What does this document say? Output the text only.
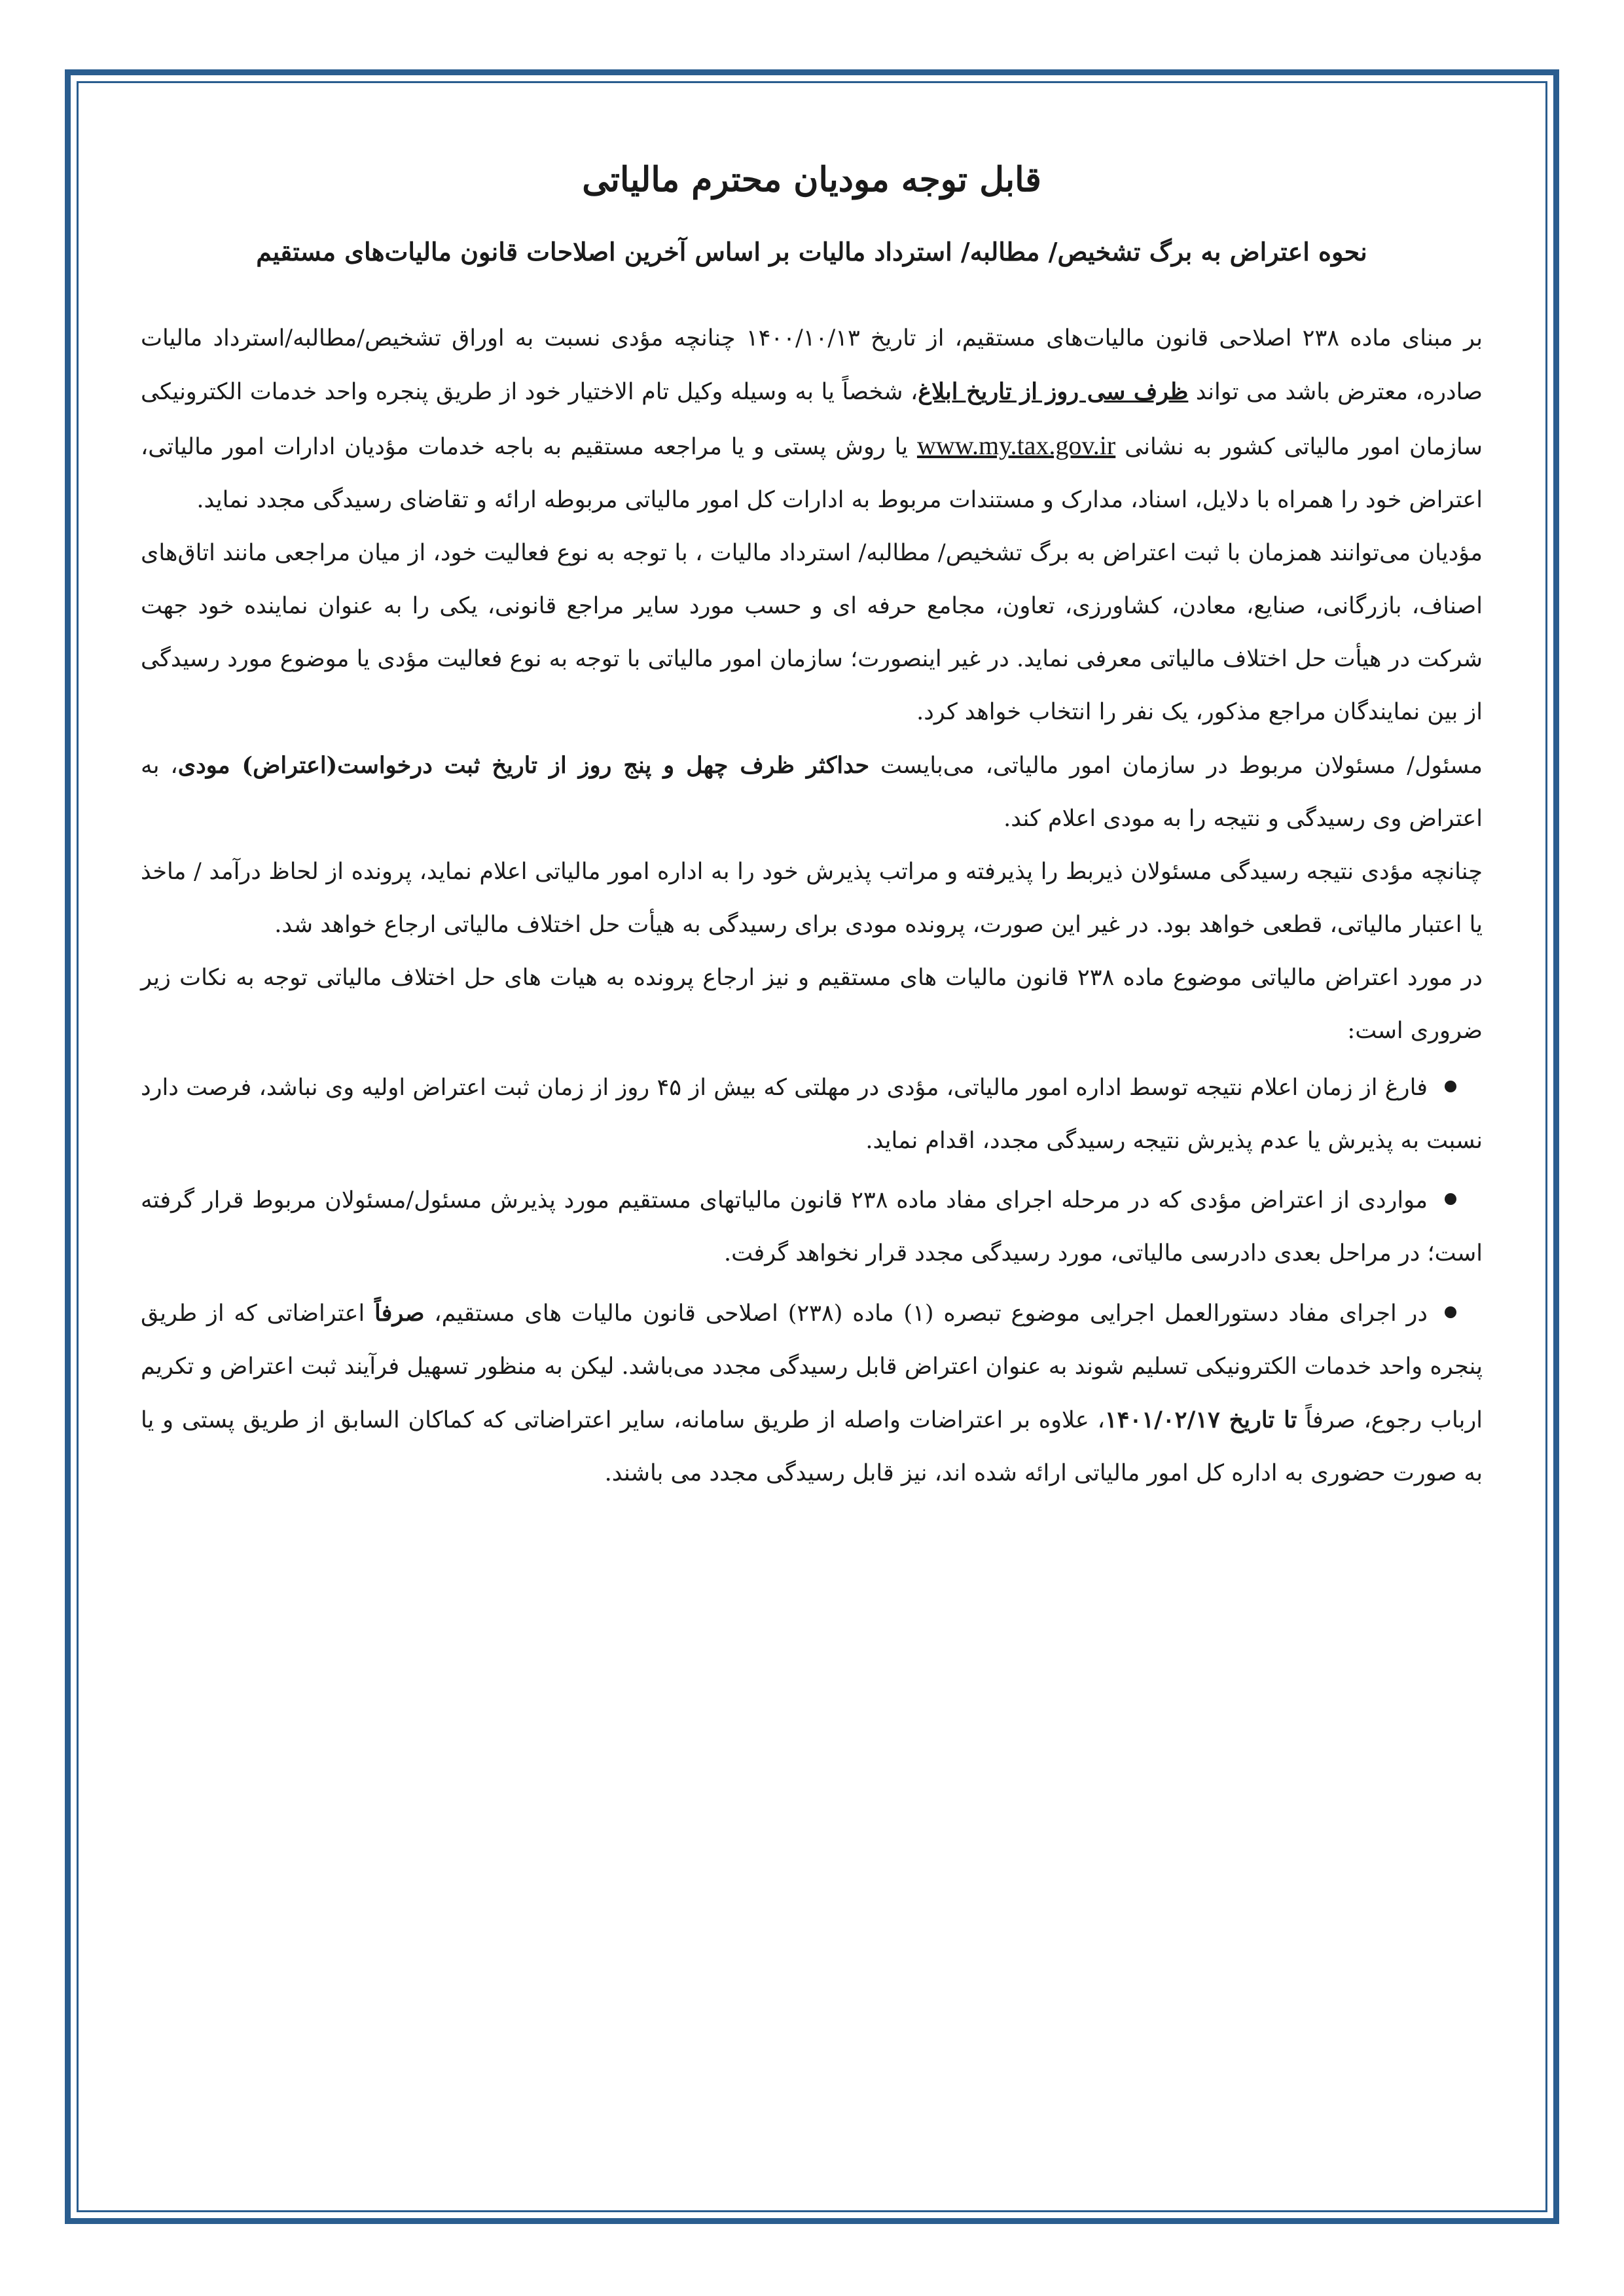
قابل توجه مودیان محترم مالیاتی
نحوه اعتراض به برگ تشخیص/ مطالبه/ استرداد مالیات بر اساس آخرین اصلاحات قانون مالیات‌های مستقیم

بر مبنای ماده ۲۳۸ اصلاحی قانون مالیات‌های مستقیم، از تاریخ ۱۴۰۰/۱۰/۱۳ چنانچه مؤدی نسبت به اوراق تشخیص/مطالبه/استرداد مالیات صادره، معترض باشد می تواند ظرف سی روز از تاریخ ابلاغ، شخصاً یا به وسیله وکیل تام الاختیار خود از طریق پنجره واحد خدمات الکترونیکی سازمان امور مالیاتی کشور به نشانی www.my.tax.gov.ir یا روش پستی و یا مراجعه مستقیم به باجه خدمات مؤدیان ادارات امور مالیاتی، اعتراض خود را همراه با دلایل، اسناد، مدارک و مستندات مربوط به ادارات کل امور مالیاتی مربوطه ارائه و تقاضای رسیدگی مجدد نماید.

مؤدیان می‌توانند همزمان با ثبت اعتراض به برگ تشخیص/ مطالبه/ استرداد مالیات ، با توجه به نوع فعالیت خود، از میان مراجعی مانند اتاق‌های اصناف، بازرگانی، صنایع، معادن، کشاورزی، تعاون، مجامع حرفه ای و حسب مورد سایر مراجع قانونی، یکی را به عنوان نماینده خود جهت شرکت در هیأت حل اختلاف مالیاتی معرفی نماید. در غیر اینصورت؛ سازمان امور مالیاتی با توجه به نوع فعالیت مؤدی یا موضوع مورد رسیدگی از بین نمایندگان مراجع مذکور، یک نفر را انتخاب خواهد کرد.

مسئول/ مسئولان مربوط در سازمان امور مالیاتی، می‌بایست حداکثر ظرف چهل و پنج روز از تاریخ ثبت درخواست(اعتراض) مودی، به اعتراض وی رسیدگی و نتیجه را به مودی اعلام کند.

چنانچه مؤدی نتیجه رسیدگی مسئولان ذیربط را پذیرفته و مراتب پذیرش خود را به اداره امور مالیاتی اعلام نماید، پرونده از لحاظ درآمد / ماخذ یا اعتبار مالیاتی، قطعی خواهد بود. در غیر این صورت، پرونده مودی برای رسیدگی به هیأت حل اختلاف مالیاتی ارجاع خواهد شد.

در مورد اعتراض مالیاتی موضوع ماده ۲۳۸ قانون مالیات های مستقیم و نیز ارجاع پرونده به هیات های حل اختلاف مالیاتی توجه به نکات زیر ضروری است:

فارغ از زمان اعلام نتیجه توسط اداره امور مالیاتی، مؤدی در مهلتی که بیش از ۴۵ روز از زمان ثبت اعتراض اولیه وی نباشد، فرصت دارد نسبت به پذیرش یا عدم پذیرش نتیجه رسیدگی مجدد، اقدام نماید.
مواردی از اعتراض مؤدی که در مرحله اجرای مفاد ماده ۲۳۸ قانون مالیاتهای مستقیم مورد پذیرش مسئول/مسئولان مربوط قرار گرفته است؛ در مراحل بعدی دادرسی مالیاتی، مورد رسیدگی مجدد قرار نخواهد گرفت.
در اجرای مفاد دستورالعمل اجرایی موضوع تبصره (۱) ماده (۲۳۸) اصلاحی قانون مالیات های مستقیم، صرفاً اعتراضاتی که از طریق پنجره واحد خدمات الکترونیکی تسلیم شوند به عنوان اعتراض قابل رسیدگی مجدد می‌باشد. لیکن به منظور تسهیل فرآیند ثبت اعتراض و تکریم ارباب رجوع، صرفاً تا تاریخ ۱۴۰۱/۰۲/۱۷، علاوه بر اعتراضات واصله از طریق سامانه، سایر اعتراضاتی که کماکان السابق از طریق پستی و یا به صورت حضوری به اداره کل امور مالیاتی ارائه شده اند، نیز قابل رسیدگی مجدد می باشند.
